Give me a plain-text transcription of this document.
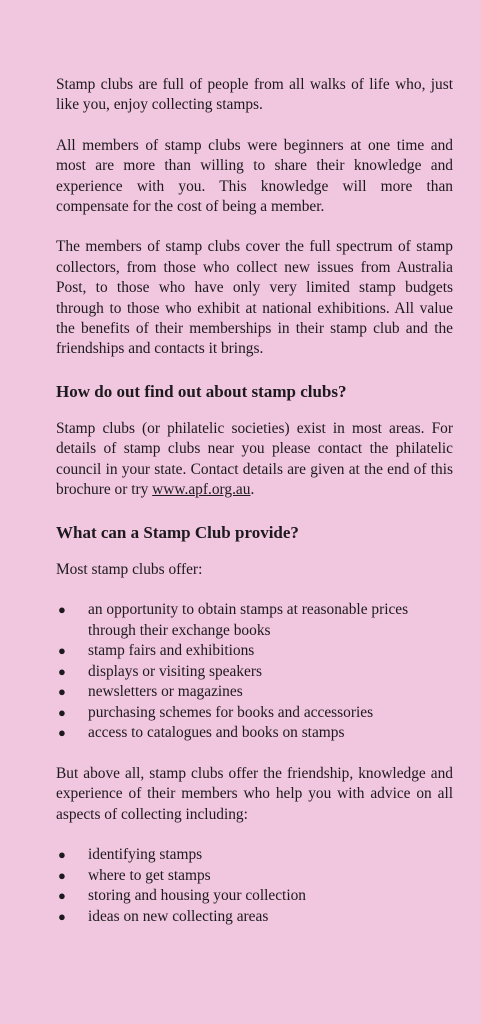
Stamp clubs are full of people from all walks of life who, just like you, enjoy collecting stamps.

All members of stamp clubs were beginners at one time and most are more than willing to share their knowledge and experience with you. This knowledge will more than compensate for the cost of being a member.

The members of stamp clubs cover the full spectrum of stamp collectors, from those who collect new issues from Australia Post, to those who have only very limited stamp budgets through to those who exhibit at national exhibitions. All value the benefits of their memberships in their stamp club and the friendships and contacts it brings.

How do out find out about stamp clubs?

Stamp clubs (or philatelic societies) exist in most areas. For details of stamp clubs near you please contact the philatelic council in your state. Contact details are given at the end of this brochure or try www.apf.org.au.

What can a Stamp Club provide?

Most stamp clubs offer:

● an opportunity to obtain stamps at reasonable prices through their exchange books
● stamp fairs and exhibitions
● displays or visiting speakers
● newsletters or magazines
● purchasing schemes for books and accessories
● access to catalogues and books on stamps

But above all, stamp clubs offer the friendship, knowledge and experience of their members who help you with advice on all aspects of collecting including:

● identifying stamps
● where to get stamps
● storing and housing your collection
● ideas on new collecting areas
